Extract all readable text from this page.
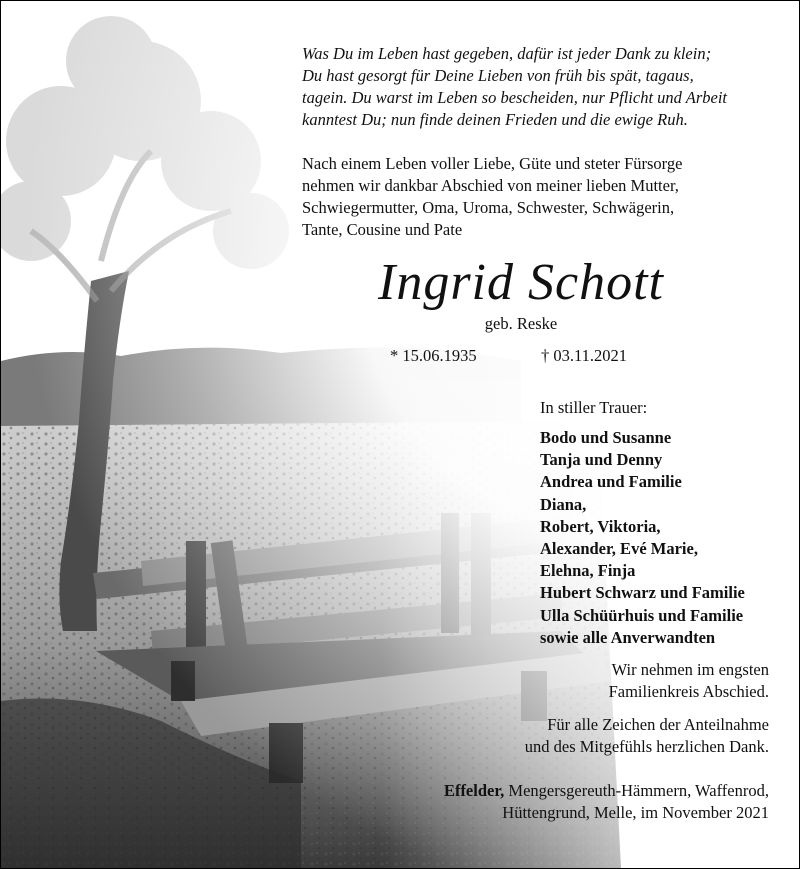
Was Du im Leben hast gegeben, dafür ist jeder Dank zu klein;
Du hast gesorgt für Deine Lieben von früh bis spät, tagaus,
tagein. Du warst im Leben so bescheiden, nur Pflicht und Arbeit
kanntest Du; nun finde deinen Frieden und die ewige Ruh.
Nach einem Leben voller Liebe, Güte und steter Fürsorge
nehmen wir dankbar Abschied von meiner lieben Mutter,
Schwiegermutter, Oma, Uroma, Schwester, Schwägerin,
Tante, Cousine und Pate
Ingrid Schott
geb. Reske
* 15.06.1935	† 03.11.2021
In stiller Trauer:
Bodo und Susanne
Tanja und Denny
Andrea und Familie
Diana,
Robert, Viktoria,
Alexander, Evé Marie,
Elehna, Finja
Hubert Schwarz und Familie
Ulla Schüürhuis und Familie
sowie alle Anverwandten
Wir nehmen im engsten
Familienkreis Abschied.
Für alle Zeichen der Anteilnahme
und des Mitgefühls herzlichen Dank.
Effelder, Mengersgereuth-Hämmern, Waffenrod,
Hüttengrund, Melle, im November 2021
